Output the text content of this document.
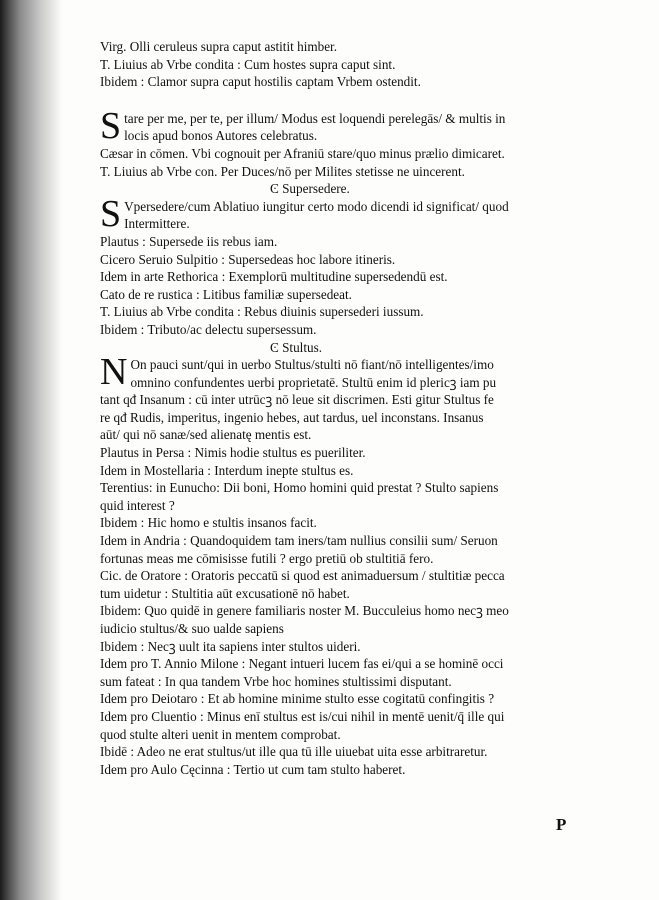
Virg. Olli ceruleus supra caput astitit himber.
T. Liuius ab Vrbe condita : Cum hostes supra caput sint.
Ibidem : Clamor supra caput hostilis captam Vrbem ostendit.
S tare per me, per te, per illum/ Modus est loquendi perelegās/ & multis in
locis apud bonos Autores celebratus.
Cæsar in cōmen. Vbi cognouit per Afraniū stare/quo minus prælio dimicaret.
T. Liuius ab Vrbe con. Per Duces/nō per Milites stetisse ne uincerent.
Ͼ Supersedere.
S Vpersedere/cum Ablatiuo iungitur certo modo dicendi id significat/ quod
Intermittere.
Plautus : Supersede iis rebus iam.
Cicero Seruio Sulpitio : Supersedeas hoc labore itineris.
Idem in arte Rethorica : Exemplorū multitudine supersedendū est.
Cato de re rustica : Litibus familiæ supersedeat.
T. Liuius ab Vrbe condita : Rebus diuinis supersederi iussum.
Ibidem : Tributo/ac delectu supersessum.
Ͼ Stultus.
N On pauci sunt/qui in uerbo Stultus/stulti nō fiant/nō intelligentes/imo
omnino confundentes uerbi proprietatē. Stultū enim id plericꝫ iam pu
tant qđ Insanum : cū inter utrūcꝫ nō leue sit discrimen. Esti gitur Stultus fe
re qđ Rudis, imperitus, ingenio hebes, aut tardus, uel inconstans. Insanus
aūt/ qui nō sanæ/sed alienatę mentis est.
Plautus in Persa : Nimis hodie stultus es pueriliter.
Idem in Mostellaria : Interdum inepte stultus es.
Terentius: in Eunucho: Dii boni, Homo homini quid prestat ? Stulto sapiens
quid interest ?
Ibidem : Hic homo e stultis insanos facit.
Idem in Andria : Quandoquidem tam iners/tam nullius consilii sum/ Seruon
fortunas meas me cōmisisse futili ? ergo pretiū ob stultitiā fero.
Cic. de Oratore : Oratoris peccatū si quod est animaduersum / stultitiæ pecca
tum uidetur : Stultitia aūt excusationē nō habet.
Ibidem: Quo quidē in genere familiaris noster M. Bucculeius homo necꝫ meo
iudicio stultus/& suo ualde sapiens
Ibidem : Necꝫ uult ita sapiens inter stultos uideri.
Idem pro T. Annio Milone : Negant intueri lucem fas ei/qui a se hominē occi
sum fateat : In qua tandem Vrbe hoc homines stultissimi disputant.
Idem pro Deiotaro : Et ab homine minime stulto esse cogitatū confingitis ?
Idem pro Cluentio : Minus enī stultus est is/cui nihil in mentē uenit/q̄ ille qui
quod stulte alteri uenit in mentem comprobat.
Ibidē : Adeo ne erat stultus/ut ille qua tū ille uiuebat uita esse arbitraretur.
Idem pro Aulo Cęcinna : Tertio ut cum tam stulto haberet.
P
